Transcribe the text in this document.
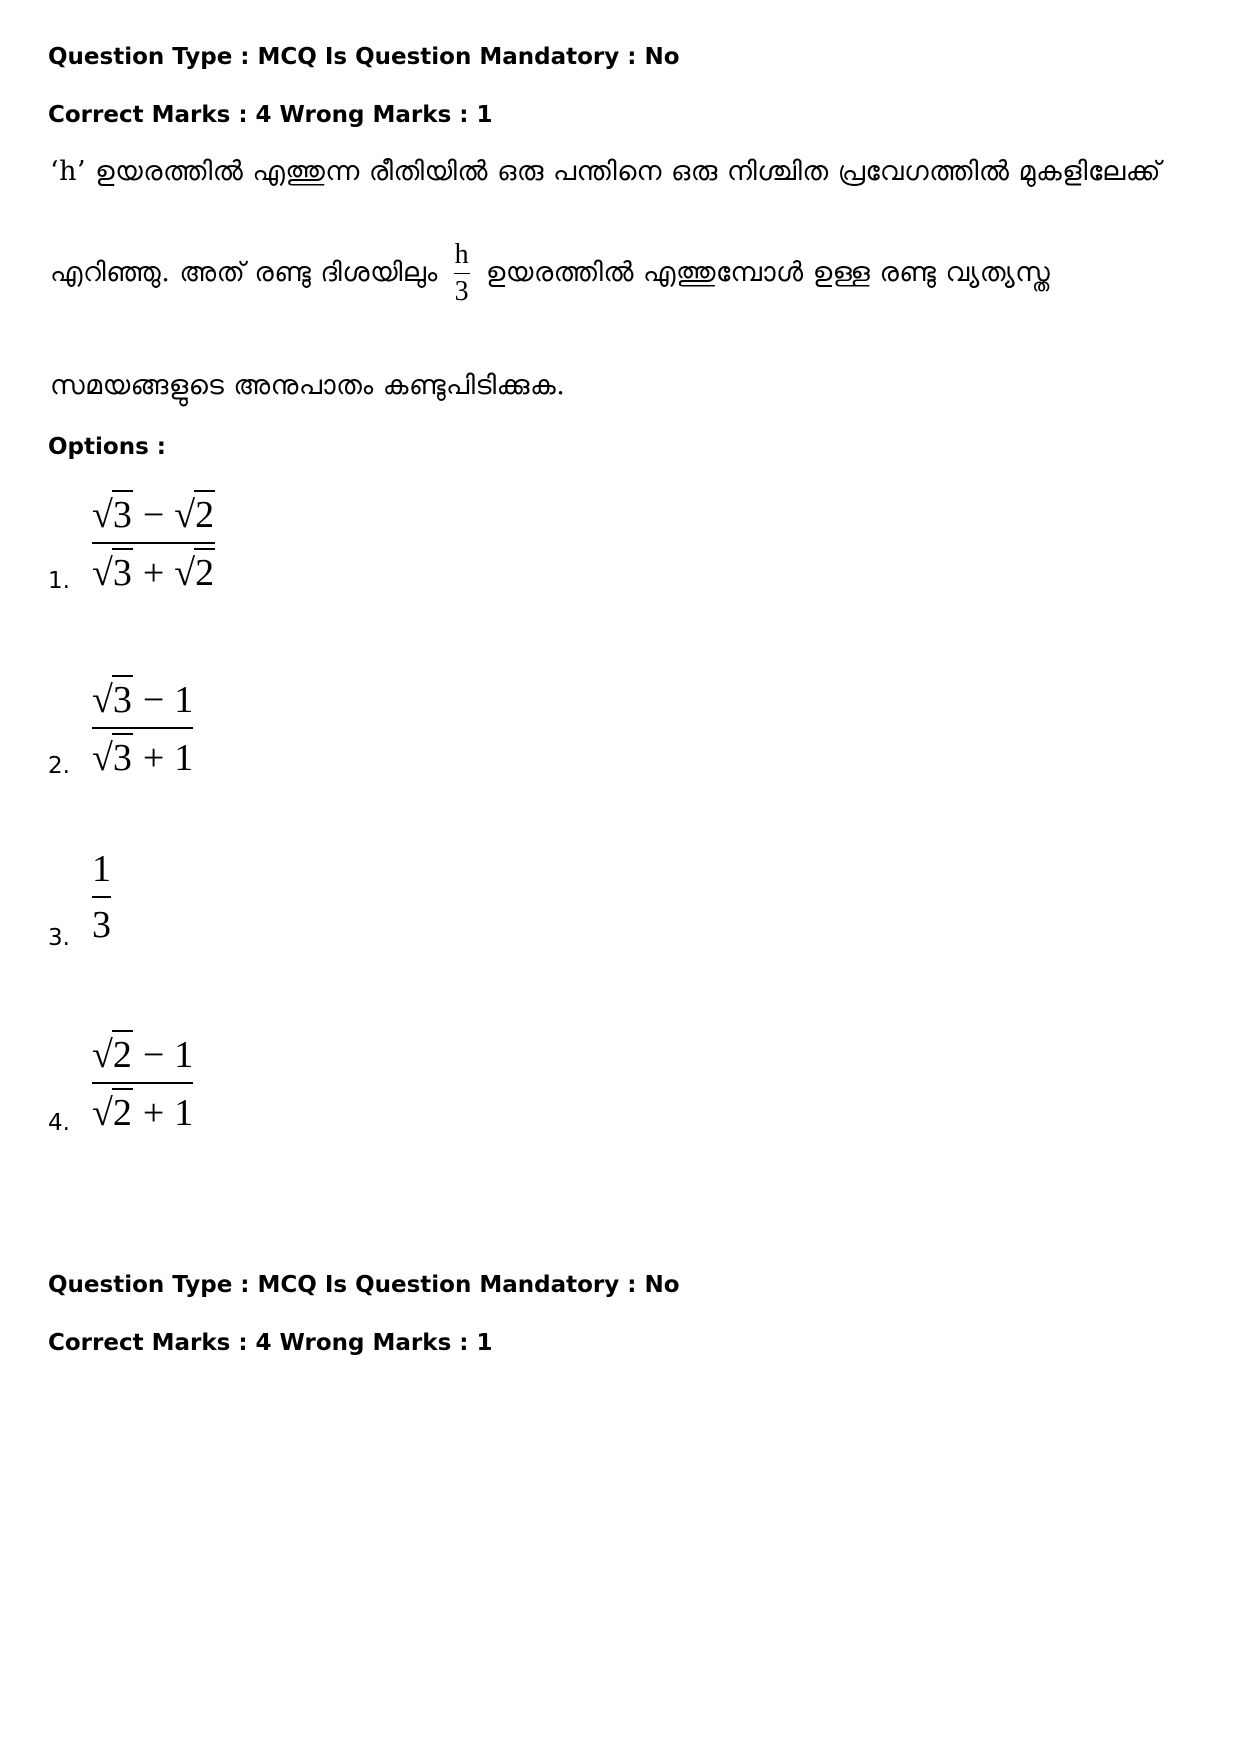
Question Type : MCQ Is Question Mandatory : No
Correct Marks : 4 Wrong Marks : 1
‘h’ ഉയരത്തിൽ എത്തുന്ന രീതിയിൽ ഒരു പന്തിനെ ഒരു നിശ്ചിത പ്രവേഗത്തിൽ മുകളിലേക്ക്
എറിഞ്ഞു. അത് രണ്ടു ദിശയിലും $\frac{h}{3}$ ഉയരത്തിൽ എത്തുമ്പോൾ ഉള്ള രണ്ടു വ്യത്യസ്ത
സമയങ്ങളുടെ അനുപാതം കണ്ടുപിടിക്കുക.
Options :
1.
√ 3 − √ 2
√ 3 + √ 2
2.
√ 3 − 1
√ 3 + 1
3.
1
3
4.
√ 2 − 1
√ 2 + 1
Question Type : MCQ Is Question Mandatory : No
Correct Marks : 4 Wrong Marks : 1
